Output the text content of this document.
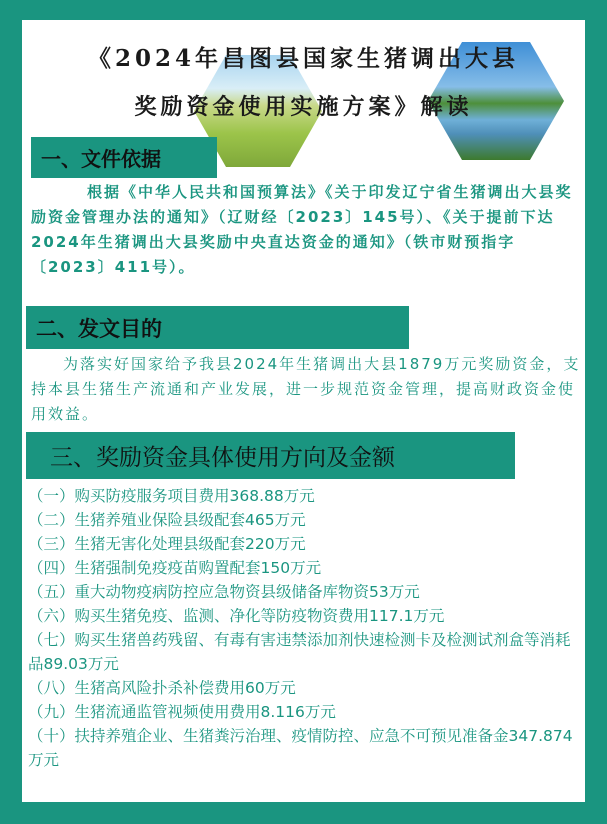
《2024年昌图县国家生猪调出大县
奖励资金使用实施方案》解读
一、文件依据

根据《中华人民共和国预算法》《关于印发辽宁省生猪调出大县奖励资金管理办法的通知》（辽财经〔2023〕145号）、《关于提前下达2024年生猪调出大县奖励中央直达资金的通知》（铁市财预指字〔2023〕411号）。

二、发文目的

为落实好国家给予我县2024年生猪调出大县1879万元奖励资金，支持本县生猪生产流通和产业发展，进一步规范资金管理，提高财政资金使用效益。

三、奖励资金具体使用方向及金额
（一）购买防疫服务项目费用368.88万元
（二）生猪养殖业保险县级配套465万元
（三）生猪无害化处理县级配套220万元
（四）生猪强制免疫疫苗购置配套150万元
（五）重大动物疫病防控应急物资县级储备库物资53万元
（六）购买生猪免疫、监测、净化等防疫物资费用117.1万元
（七）购买生猪兽药残留、有毒有害违禁添加剂快速检测卡及检测试剂盒等消耗品89.03万元
（八）生猪高风险扑杀补偿费用60万元
（九）生猪流通监管视频使用费用8.116万元
（十）扶持养殖企业、生猪粪污治理、疫情防控、应急不可预见准备金347.874万元
